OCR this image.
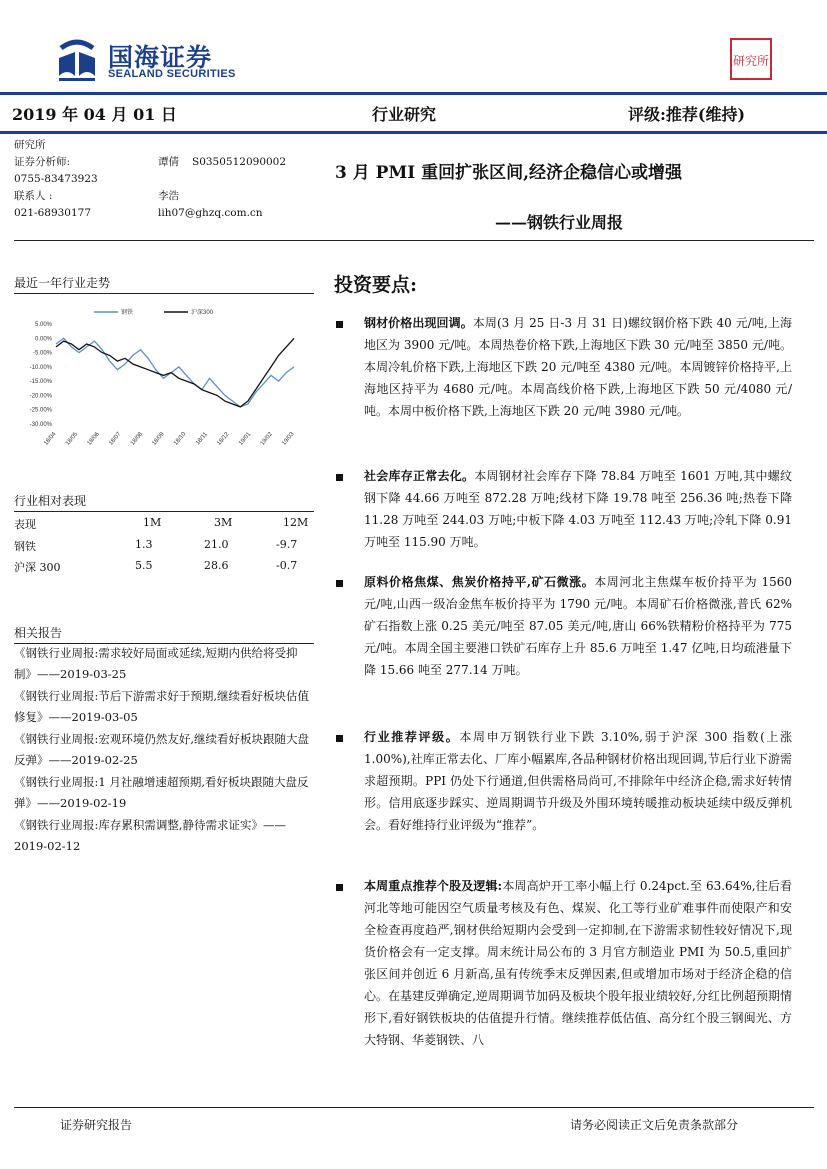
国海证券
SEALAND SECURITIES
研究所
2019 年 04 月 01 日	行业研究	评级:推荐(维持)
研究所
证券分析师:	谭倩 S0350512090002
0755-83473923
联系人 :	李浩
021-68930177	lih07@ghzq.com.cn
3 月 PMI 重回扩张区间,经济企稳信心或增强
——钢铁行业周报
最近一年行业走势
钢铁	沪深300
5.00%
0.00%
-5.00%
-10.00%
-15.00%
-20.00%
-25.00%
-30.00%
18/04 18/05 18/06 18/07 18/08 18/09 18/10 18/11 18/12 19/01 19/02 19/03
行业相对表现
表现	1M	3M	12M
钢铁	1.3	21.0	-9.7
沪深 300	5.5	28.6	-0.7
相关报告
《钢铁行业周报:需求较好局面或延续,短期内供给将受抑制》——2019-03-25
《钢铁行业周报:节后下游需求好于预期,继续看好板块估值修复》——2019-03-05
《钢铁行业周报:宏观环境仍然友好,继续看好板块跟随大盘反弹》——2019-02-25
《钢铁行业周报:1 月社融增速超预期,看好板块跟随大盘反弹》——2019-02-19
《钢铁行业周报:库存累积需调整,静待需求证实》——2019-02-12
投资要点:
钢材价格出现回调。本周(3 月 25 日-3 月 31 日)螺纹钢价格下跌 40 元/吨,上海地区为 3900 元/吨。本周热卷价格下跌,上海地区下跌 30 元/吨至 3850 元/吨。本周冷轧价格下跌,上海地区下跌 20 元/吨至 4380 元/吨。本周镀锌价格持平,上海地区持平为 4680 元/吨。本周高线价格下跌,上海地区下跌 50 元/4080 元/吨。本周中板价格下跌,上海地区下跌 20 元/吨 3980 元/吨。
社会库存正常去化。本周钢材社会库存下降 78.84 万吨至 1601 万吨,其中螺纹钢下降 44.66 万吨至 872.28 万吨;线材下降 19.78 吨至 256.36 吨;热卷下降 11.28 万吨至 244.03 万吨;中板下降 4.03 万吨至 112.43 万吨;冷轧下降 0.91 万吨至 115.90 万吨。
原料价格焦煤、焦炭价格持平,矿石微涨。本周河北主焦煤车板价持平为 1560 元/吨,山西一级冶金焦车板价持平为 1790 元/吨。本周矿石价格微涨,普氏 62%矿石指数上涨 0.25 美元/吨至 87.05 美元/吨,唐山 66%铁精粉价格持平为 775 元/吨。本周全国主要港口铁矿石库存上升 85.6 万吨至 1.47 亿吨,日均疏港量下降 15.66 吨至 277.14 万吨。
行业推荐评级。本周申万钢铁行业下跌 3.10%,弱于沪深 300 指数(上涨 1.00%),社库正常去化、厂库小幅累库,各品种钢材价格出现回调,节后行业下游需求超预期。PPI 仍处下行通道,但供需格局尚可,不排除年中经济企稳,需求好转情形。信用底逐步踩实、逆周期调节升级及外围环境转暖推动板块延续中级反弹机会。看好维持行业评级为“推荐”。
本周重点推荐个股及逻辑:本周高炉开工率小幅上行 0.24pct.至 63.64%,往后看河北等地可能因空气质量考核及有色、煤炭、化工等行业矿难事件而使限产和安全检查再度趋严,钢材供给短期内会受到一定抑制,在下游需求韧性较好情况下,现货价格会有一定支撑。周末统计局公布的 3 月官方制造业 PMI 为 50.5,重回扩张区间并创近 6 月新高,虽有传统季末反弹因素,但或增加市场对于经济企稳的信心。在基建反弹确定,逆周期调节加码及板块个股年报业绩较好,分红比例超预期情形下,看好钢铁板块的估值提升行情。继续推荐低估值、高分红个股三钢闽光、方大特钢、华菱钢铁、八
证券研究报告	请务必阅读正文后免责条款部分
